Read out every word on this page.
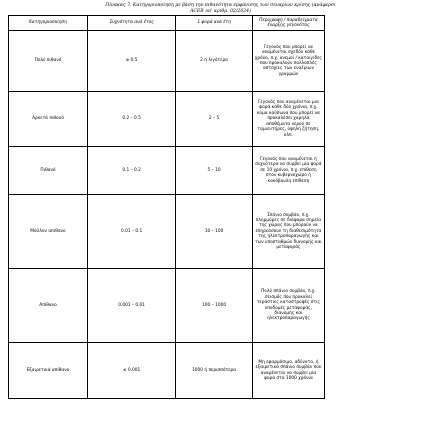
Πίνακας 7. Κατηγοριοποίηση με βάση την πιθανότητα εμφάνισης των σεναρίων κρίσης (ανάφερσι
ACER υπ' αριθμ. 02/2024)
Κατηγοριοποίηση	Συχνότητα ανά έτος	1 φορά ανά έτη	Περιγραφή / παραδείγματα έναρξης γεγονότος	
Πολύ πιθανό	≥ 0.5	2 ή λιγότερα	Γεγονός που μπορεί να αναμένεται σχεδόν κάθε χρόνο, π.χ. ανεμοί / καταιγίδες που προκαλούν πολλαπλές αστοχίες των εναέριων γραμμών	
Αρκετά πιθανό	0.2 – 0.5	2 – 5	Γεγονός που αναμένεται μια φορά κάθε δύο χρόνια, π.χ. κύμα καύσωνα που μπορεί να προκαλέσει χαμηλά αποθέματα νερού σε ταμιευτήρες, ύφηλή ζήτηση, κλπ.	
Πιθανό	0.1 – 0.2	5 – 10	Γεγονός που αναμένεται ή συχνότερα να συμβεί μία φορά σε 10 χρόνια, π.χ. επίθεση στον κυβερνοχώρο ή κακόβουλη επίθεση	
Μάλλον απίθανο	0.01 – 0.1	10 – 100	Σπάνιο συμβάν, π.χ. πλημμύρες σε διάφορα σημεία της χώρας που μπορούν να επηρεάσουν τη διαθεσιμότητα της ηλεκτροπαραγωγής και των υποσταθμών διανομής και μεταφοράς	
Απίθανο	0.001 – 0.01	100 – 1000	Πολύ σπάνιο συμβάν, π.χ. σεισμός που προκαλεί τεράστιες καταστροφές στις υποδομές μεταφοράς, διανομής και ηλεκτροπαραγωγής	
Εξαιρετικά απίθανο	≤ 0.001	1000 ή περισσότερα	Μη εφαρμόσιμο, αδύνατο, ή εξαιρετικά σπάνιο συμβάν που αναμένεται να συμβεί μία φορά στα 1000 χρόνια	
